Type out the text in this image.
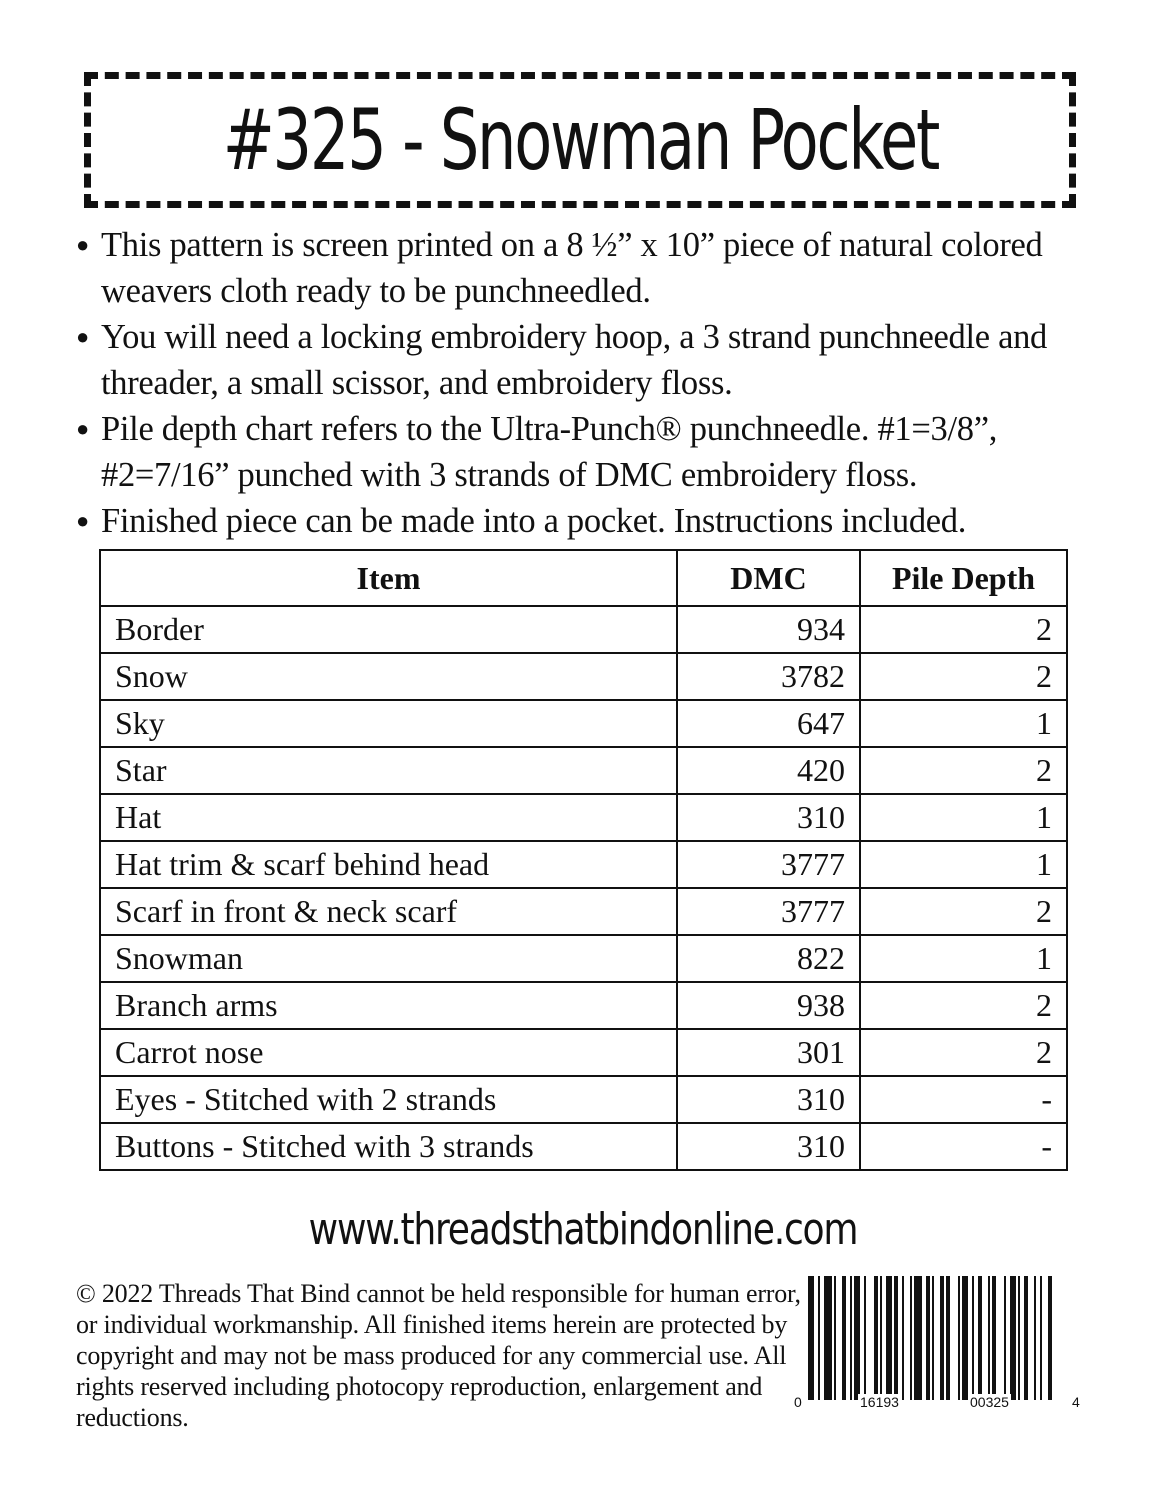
#325 - Snowman Pocket
● This pattern is screen printed on a 8 ½” x 10” piece of natural colored weavers cloth ready to be punchneedled.
● You will need a locking embroidery hoop, a 3 strand punchneedle and threader, a small scissor, and embroidery floss.
● Pile depth chart refers to the Ultra-Punch® punchneedle. #1=3/8”, #2=7/16” punched with 3 strands of DMC embroidery floss.
● Finished piece can be made into a pocket. Instructions included.
Item	DMC	Pile Depth
Border	934	2
Snow	3782	2
Sky	647	1
Star	420	2
Hat	310	1
Hat trim & scarf behind head	3777	1
Scarf in front & neck scarf	3777	2
Snowman	822	1
Branch arms	938	2
Carrot nose	301	2
Eyes - Stitched with 2 strands	310	-
Buttons - Stitched with 3 strands	310	-
www.threadsthatbindonline.com
© 2022 Threads That Bind cannot be held responsible for human error, or individual workmanship. All finished items herein are protected by copyright and may not be mass produced for any commercial use. All rights reserved including photocopy reproduction, enlargement and reductions.
0	16193	00325	4
